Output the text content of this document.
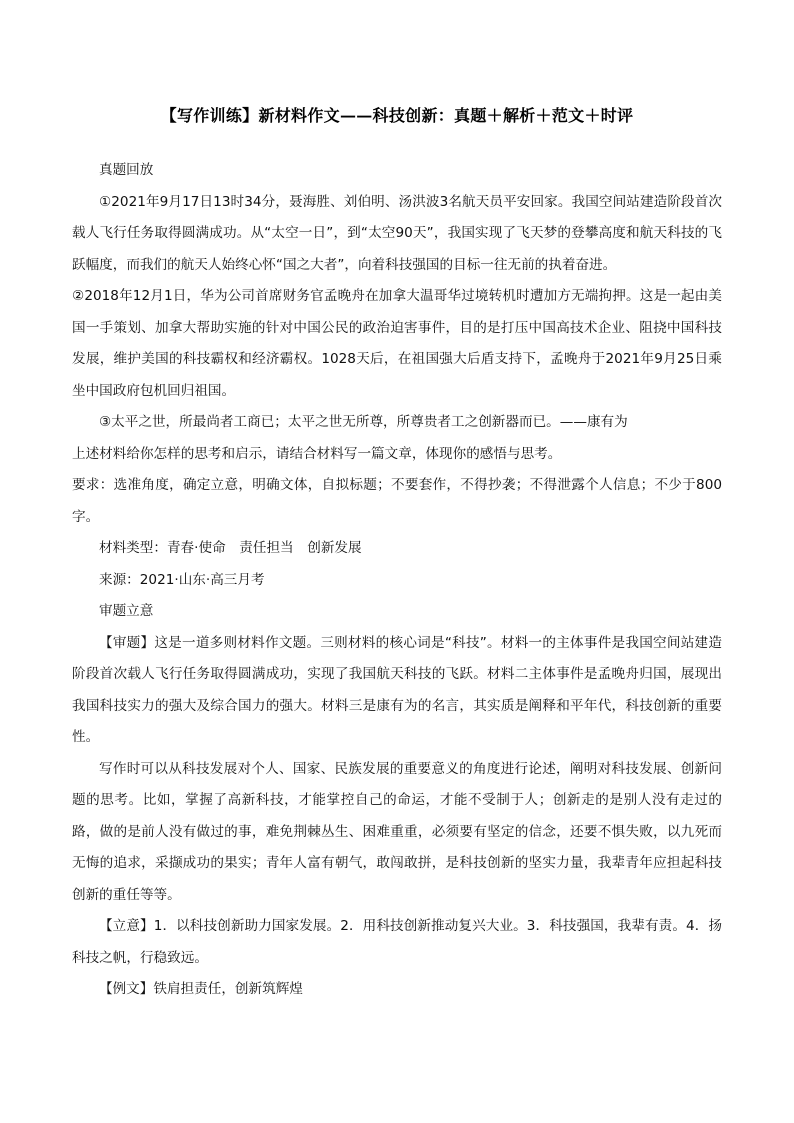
【写作训练】新材料作文——科技创新：真题＋解析＋范文＋时评

真题回放

①2021年9月17日13时34分，聂海胜、刘伯明、汤洪波3名航天员平安回家。我国空间站建造阶段首次载人飞行任务取得圆满成功。从“太空一日”，到“太空90天”，我国实现了飞天梦的登攀高度和航天科技的飞跃幅度，而我们的航天人始终心怀“国之大者”，向着科技强国的目标一往无前的执着奋进。

②2018年12月1日，华为公司首席财务官孟晚舟在加拿大温哥华过境转机时遭加方无端拘押。这是一起由美国一手策划、加拿大帮助实施的针对中国公民的政治迫害事件，目的是打压中国高技术企业、阻挠中国科技发展，维护美国的科技霸权和经济霸权。1028天后，在祖国强大后盾支持下，孟晚舟于2021年9月25日乘坐中国政府包机回归祖国。

③太平之世，所最尚者工商已；太平之世无所尊，所尊贵者工之创新器而已。——康有为

上述材料给你怎样的思考和启示，请结合材料写一篇文章，体现你的感悟与思考。

要求：选准角度，确定立意，明确文体，自拟标题；不要套作，不得抄袭；不得泄露个人信息；不少于800字。

材料类型：青春·使命　责任担当　创新发展

来源：2021·山东·高三月考

审题立意

【审题】这是一道多则材料作文题。三则材料的核心词是“科技”。材料一的主体事件是我国空间站建造阶段首次载人飞行任务取得圆满成功，实现了我国航天科技的飞跃。材料二主体事件是孟晚舟归国，展现出我国科技实力的强大及综合国力的强大。材料三是康有为的名言，其实质是阐释和平年代，科技创新的重要性。

写作时可以从科技发展对个人、国家、民族发展的重要意义的角度进行论述，阐明对科技发展、创新问题的思考。比如，掌握了高新科技，才能掌控自己的命运，才能不受制于人；创新走的是别人没有走过的路，做的是前人没有做过的事，难免荆棘丛生、困难重重，必须要有坚定的信念，还要不惧失败，以九死而无悔的追求，采撷成功的果实；青年人富有朝气，敢闯敢拼，是科技创新的坚实力量，我辈青年应担起科技创新的重任等等。

【立意】1．以科技创新助力国家发展。2．用科技创新推动复兴大业。3．科技强国，我辈有责。4．扬科技之帆，行稳致远。

【例文】铁肩担责任，创新筑辉煌
